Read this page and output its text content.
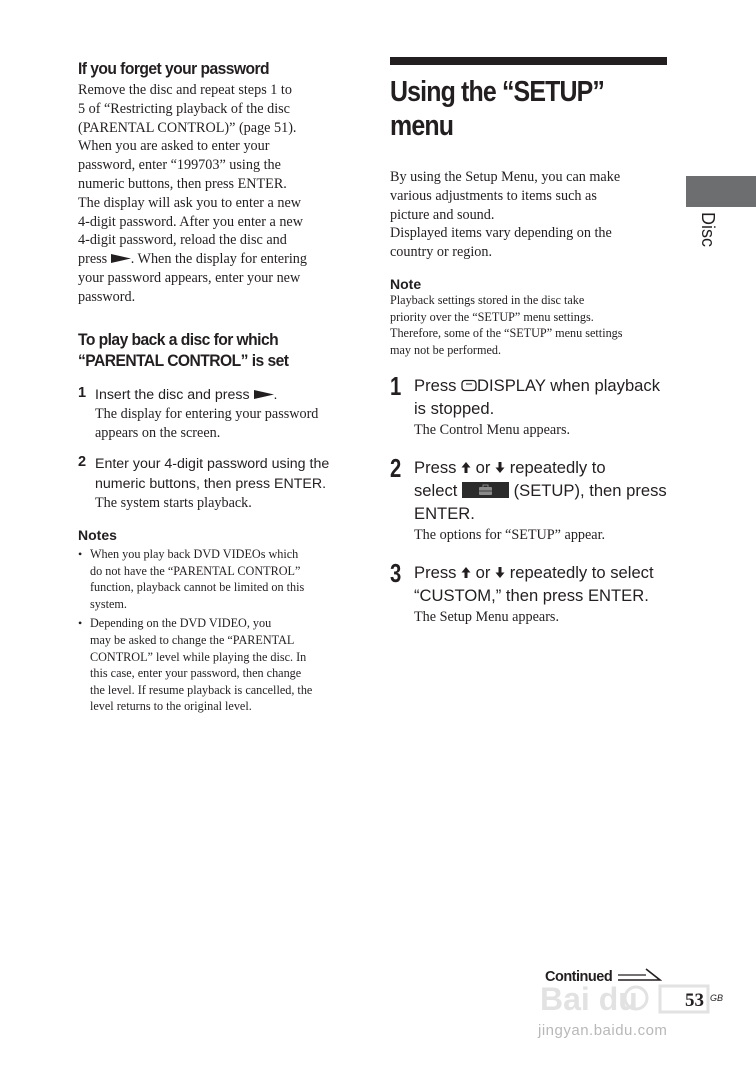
If you forget your password
Remove the disc and repeat steps 1 to
5 of “Restricting playback of the disc
(PARENTAL CONTROL)” (page 51).
When you are asked to enter your
password, enter “199703” using the
numeric buttons, then press ENTER.
The display will ask you to enter a new
4-digit password. After you enter a new
4-digit password, reload the disc and
press . When the display for entering
your password appears, enter your new
password.
To play back a disc for which
“PARENTAL CONTROL” is set
1 Insert the disc and press .
The display for entering your password
appears on the screen.
2 Enter your 4-digit password using the
numeric buttons, then press ENTER.
The system starts playback.
Notes
• When you play back DVD VIDEOs which
do not have the “PARENTAL CONTROL”
function, playback cannot be limited on this
system.
• Depending on the DVD VIDEO, you
may be asked to change the “PARENTAL
CONTROL” level while playing the disc. In
this case, enter your password, then change
the level. If resume playback is cancelled, the
level returns to the original level.
Using the “SETUP”
menu
By using the Setup Menu, you can make
various adjustments to items such as
picture and sound.
Displayed items vary depending on the
country or region.
Note
Playback settings stored in the disc take
priority over the “SETUP” menu settings.
Therefore, some of the “SETUP” menu settings
may not be performed.
1 Press DISPLAY when playback
is stopped.
The Control Menu appears.
2 Press or repeatedly to
select	(SETUP), then press
ENTER.
The options for “SETUP” appear.
3 Press or repeatedly to select
“CUSTOM,” then press ENTER.
The Setup Menu appears.
Disc
Continued
Bai du
jingyan.baidu.com
53 GB
